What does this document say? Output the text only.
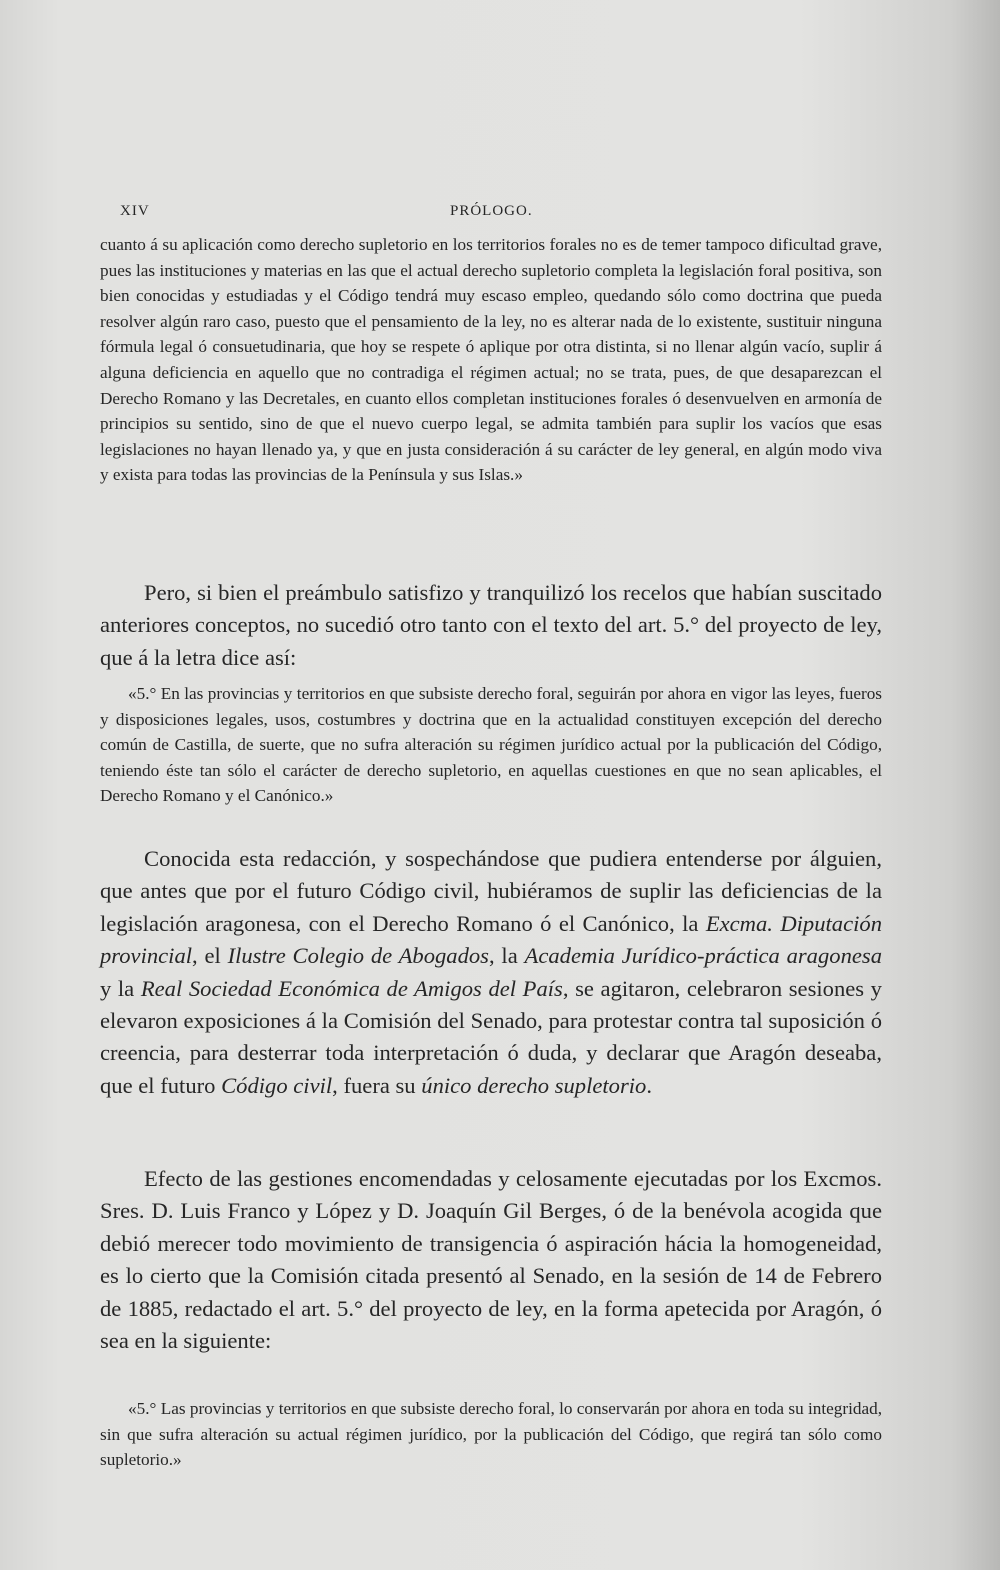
XIV	PRÓLOGO.

cuanto á su aplicación como derecho supletorio en los territorios forales no es de temer tampoco dificultad grave, pues las instituciones y materias en las que el actual derecho supletorio completa la legislación foral positiva, son bien conocidas y estudiadas y el Código tendrá muy escaso empleo, quedando sólo como doctrina que pueda resolver algún raro caso, puesto que el pensamiento de la ley, no es alterar nada de lo existente, sustituir ninguna fórmula legal ó consuetudinaria, que hoy se respete ó aplique por otra distinta, si no llenar algún vacío, suplir á alguna deficiencia en aquello que no contradiga el régimen actual; no se trata, pues, de que desaparezcan el Derecho Romano y las Decretales, en cuanto ellos completan instituciones forales ó desenvuelven en armonía de principios su sentido, sino de que el nuevo cuerpo legal, se admita también para suplir los vacíos que esas legislaciones no hayan llenado ya, y que en justa consideración á su carácter de ley general, en algún modo viva y exista para todas las provincias de la Península y sus Islas.»

Pero, si bien el preámbulo satisfizo y tranquilizó los recelos que habían suscitado anteriores conceptos, no sucedió otro tanto con el texto del art. 5.° del proyecto de ley, que á la letra dice así:

«5.° En las provincias y territorios en que subsiste derecho foral, seguirán por ahora en vigor las leyes, fueros y disposiciones legales, usos, costumbres y doctrina que en la actualidad constituyen excepción del derecho común de Castilla, de suerte, que no sufra alteración su régimen jurídico actual por la publicación del Código, teniendo éste tan sólo el carácter de derecho supletorio, en aquellas cuestiones en que no sean aplicables, el Derecho Romano y el Canónico.»

Conocida esta redacción, y sospechándose que pudiera entenderse por álguien, que antes que por el futuro Código civil, hubiéramos de suplir las deficiencias de la legislación aragonesa, con el Derecho Romano ó el Canónico, la Excma. Diputación provincial, el Ilustre Colegio de Abogados, la Academia Jurídico-práctica aragonesa y la Real Sociedad Económica de Amigos del País, se agitaron, celebraron sesiones y elevaron exposiciones á la Comisión del Senado, para protestar contra tal suposición ó creencia, para desterrar toda interpretación ó duda, y declarar que Aragón deseaba, que el futuro Código civil, fuera su único derecho supletorio.

Efecto de las gestiones encomendadas y celosamente ejecutadas por los Excmos. Sres. D. Luis Franco y López y D. Joaquín Gil Berges, ó de la benévola acogida que debió merecer todo movimiento de transigencia ó aspiración hácia la homogeneidad, es lo cierto que la Comisión citada presentó al Senado, en la sesión de 14 de Febrero de 1885, redactado el art. 5.° del proyecto de ley, en la forma apetecida por Aragón, ó sea en la siguiente:

«5.° Las provincias y territorios en que subsiste derecho foral, lo conservarán por ahora en toda su integridad, sin que sufra alteración su actual régimen jurídico, por la publicación del Código, que regirá tan sólo como supletorio.»
